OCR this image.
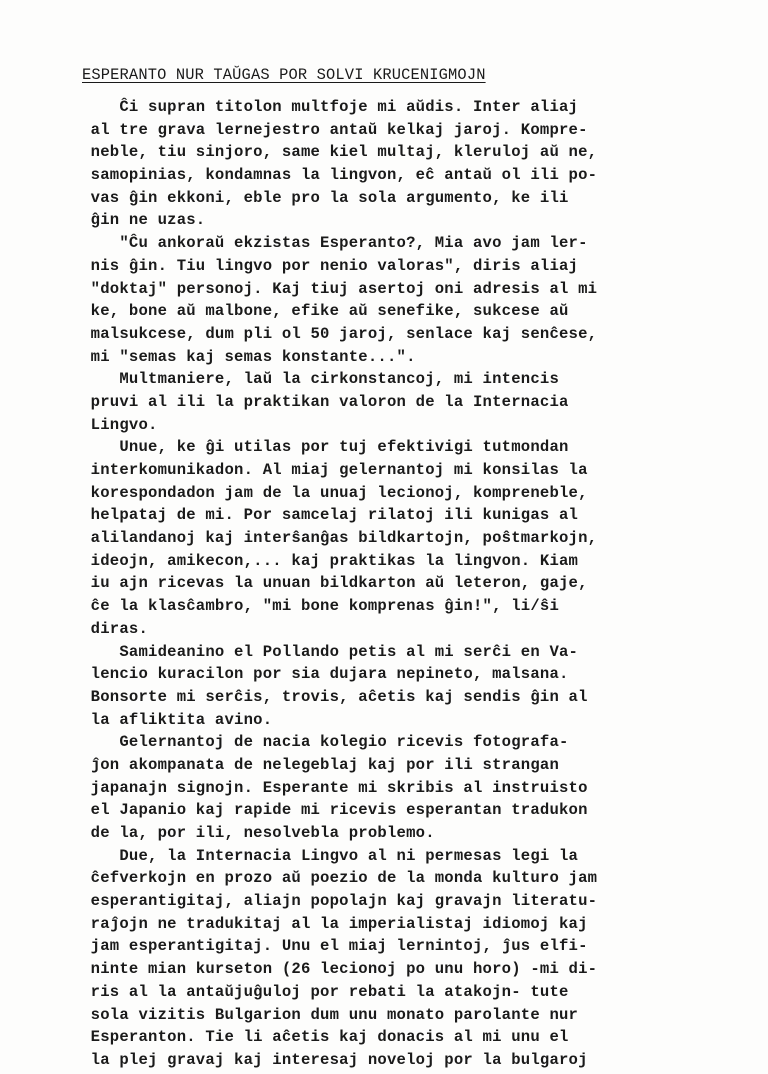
ESPERANTO NUR TAŬGAS POR SOLVI KRUCENIGMOJN
Ĉi supran titolon multfoje mi aŭdis. Inter aliaj
al tre grava lernejestro antaŭ kelkaj jaroj. Kompre-
neble, tiu sinjoro, same kiel multaj, kleruloj aŭ ne,
samopinias, kondamnas la lingvon, eĉ antaŭ ol ili po-
vas ĝin ekkoni, eble pro la sola argumento, ke ili
ĝin ne uzas.
"Ĉu ankoraŭ ekzistas Esperanto?, Mia avo jam ler-
nis ĝin. Tiu lingvo por nenio valoras", diris aliaj
"doktaj" personoj. Kaj tiuj asertoj oni adresis al mi
ke, bone aŭ malbone, efike aŭ senefike, sukcese aŭ
malsukcese, dum pli ol 50 jaroj, senlace kaj senĉese,
mi "semas kaj semas konstante...".
Multmaniere, laŭ la cirkonstancoj, mi intencis
pruvi al ili la praktikan valoron de la Internacia
Lingvo.
Unue, ke ĝi utilas por tuj efektivigi tutmondan
interkomunikadon. Al miaj gelernantoj mi konsilas la
korespondadon jam de la unuaj lecionoj, kompreneble,
helpataj de mi. Por samcelaj rilatoj ili kunigas al
alilandanoj kaj interŝanĝas bildkartojn, poŝtmarkojn,
ideojn, amikecon,... kaj praktikas la lingvon. Kiam
iu ajn ricevas la unuan bildkarton aŭ leteron, gaje,
ĉe la klasĉambro, "mi bone komprenas ĝin!", li/ŝi
diras.
Samideanino el Pollando petis al mi serĉi en Va-
lencio kuracilon por sia dujara nepineto, malsana.
Bonsorte mi serĉis, trovis, aĉetis kaj sendis ĝin al
la afliktita avino.
Gelernantoj de nacia kolegio ricevis fotografa-
ĵon akompanata de nelegeblaj kaj por ili strangan
japanajn signojn. Esperante mi skribis al instruisto
el Japanio kaj rapide mi ricevis esperantan tradukon
de la, por ili, nesolvebla problemo.
Due, la Internacia Lingvo al ni permesas legi la
ĉefverkojn en prozo aŭ poezio de la monda kulturo jam
esperantigitaj, aliajn popolajn kaj gravajn literatu-
raĵojn ne tradukitaj al la imperialistaj idiomoj kaj
jam esperantigitaj. Unu el miaj lernintoj, ĵus elfi-
ninte mian kurseton (26 lecionoj po unu horo) -mi di-
ris al la antaŭjuĝuloj por rebati la atakojn- tute
sola vizitis Bulgarion dum unu monato parolante nur
Esperanton. Tie li aĉetis kaj donacis al mi unu el
la plej gravaj kaj interesaj noveloj por la bulgaroj
